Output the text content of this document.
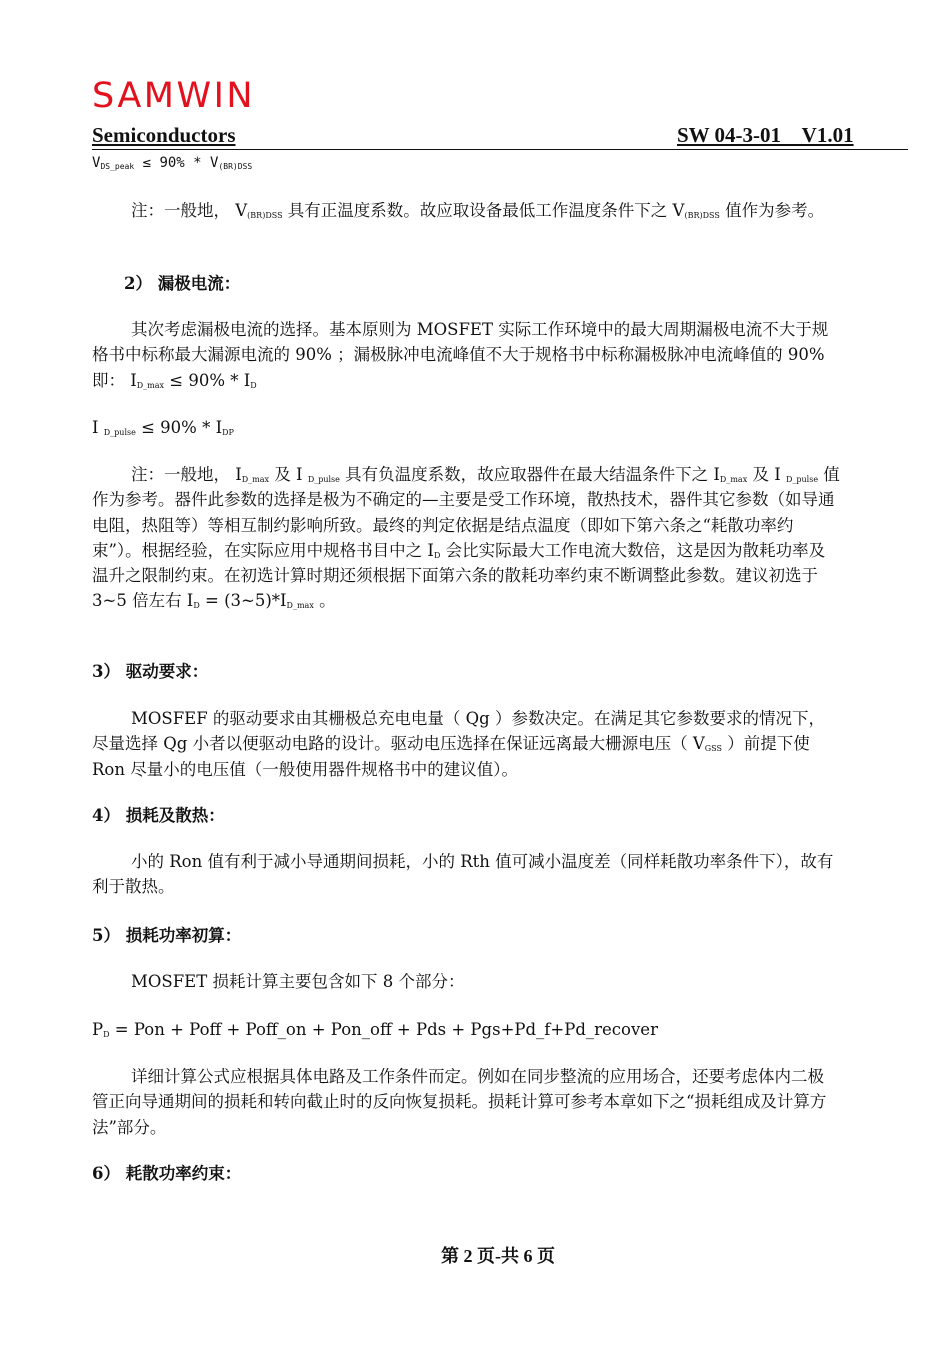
SAMWIN
Semiconductors	SW 04-3-01    V1.01

$V_{DS\_peak} \le 90\% * V_{(BR)DSS}$

注：一般地， $V_{(BR)DSS}$ 具有正温度系数。故应取设备最低工作温度条件下之 $V_{(BR)DSS}$ 值作为参考。

2） 漏极电流：

其次考虑漏极电流的选择。基本原则为 MOSFET 实际工作环境中的最大周期漏极电流不大于规格书中标称最大漏源电流的 90% ；漏极脉冲电流峰值不大于规格书中标称漏极脉冲电流峰值的 90% 即： $I_{D\_max} \le 90\% * I_D$

I $_{D\_pulse} \le 90\% * I_{DP}$

注：一般地， $I_{D\_max}$ 及 I $_{D\_pulse}$ 具有负温度系数，故应取器件在最大结温条件下之 $I_{D\_max}$ 及 I $_{D\_pulse}$ 值作为参考。器件此参数的选择是极为不确定的—主要是受工作环境，散热技术，器件其它参数（如导通电阻，热阻等）等相互制约影响所致。最终的判定依据是结点温度（即如下第六条之“耗散功率约束”）。根据经验，在实际应用中规格书目中之 $I_D$ 会比实际最大工作电流大数倍，这是因为散耗功率及温升之限制约束。在初选计算时期还须根据下面第六条的散耗功率约束不断调整此参数。建议初选于 3~5 倍左右 $I_D$ = $(3\sim 5)*I_{D\_max}$ 。

3） 驱动要求：

MOSFEF 的驱动要求由其栅极总充电电量（ Qg ）参数决定。在满足其它参数要求的情况下，尽量选择 Qg 小者以便驱动电路的设计。驱动电压选择在保证远离最大栅源电压（ $V_{GSS}$ ）前提下使 Ron 尽量小的电压值（一般使用器件规格书中的建议值）。

4） 损耗及散热：

小的 Ron 值有利于减小导通期间损耗，小的 Rth 值可减小温度差（同样耗散功率条件下），故有利于散热。

5） 损耗功率初算：

MOSFET 损耗计算主要包含如下 8 个部分：

$P_D$ = Pon + Poff + Poff_on + Pon_off + Pds + Pgs+Pd_f+Pd_recover

详细计算公式应根据具体电路及工作条件而定。例如在同步整流的应用场合，还要考虑体内二极管正向导通期间的损耗和转向截止时的反向恢复损耗。损耗计算可参考本章如下之“损耗组成及计算方法”部分。

6） 耗散功率约束：

第 2 页-共 6 页
